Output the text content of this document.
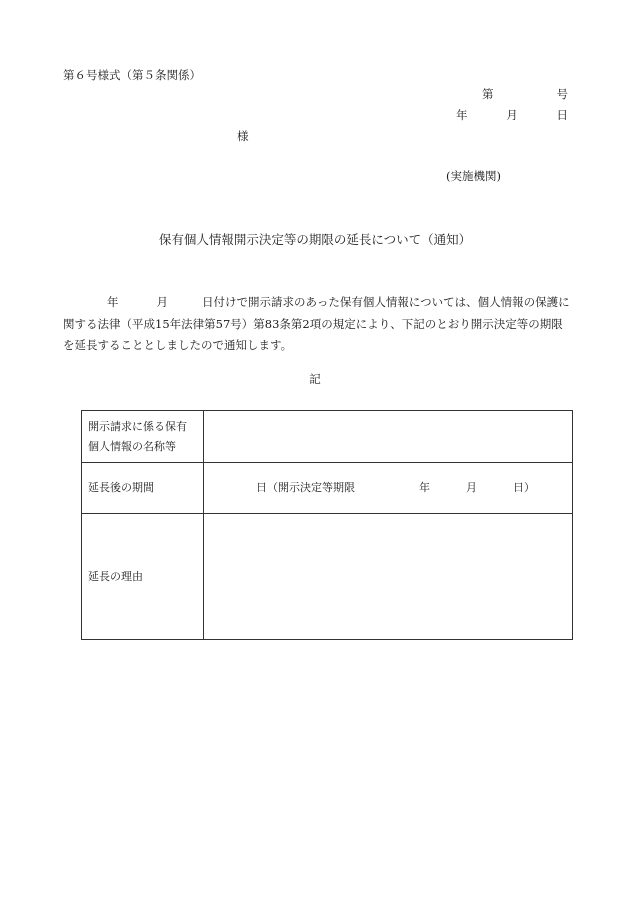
第６号様式（第５条関係）
第	号
年	月	日
様
(実施機関)
保有個人情報開示決定等の期限の延長について（通知）
年	月	日付けで開示請求のあった保有個人情報については、個人情報の保護に関する法律（平成15年法律第57号）第83条第2項の規定により、下記のとおり開示決定等の期限を延長することとしましたので通知します。
記
開示請求に係る保有個人情報の名称等	
延長後の期間	日 （開示決定等期限 年 月 日）

延長の理由	
